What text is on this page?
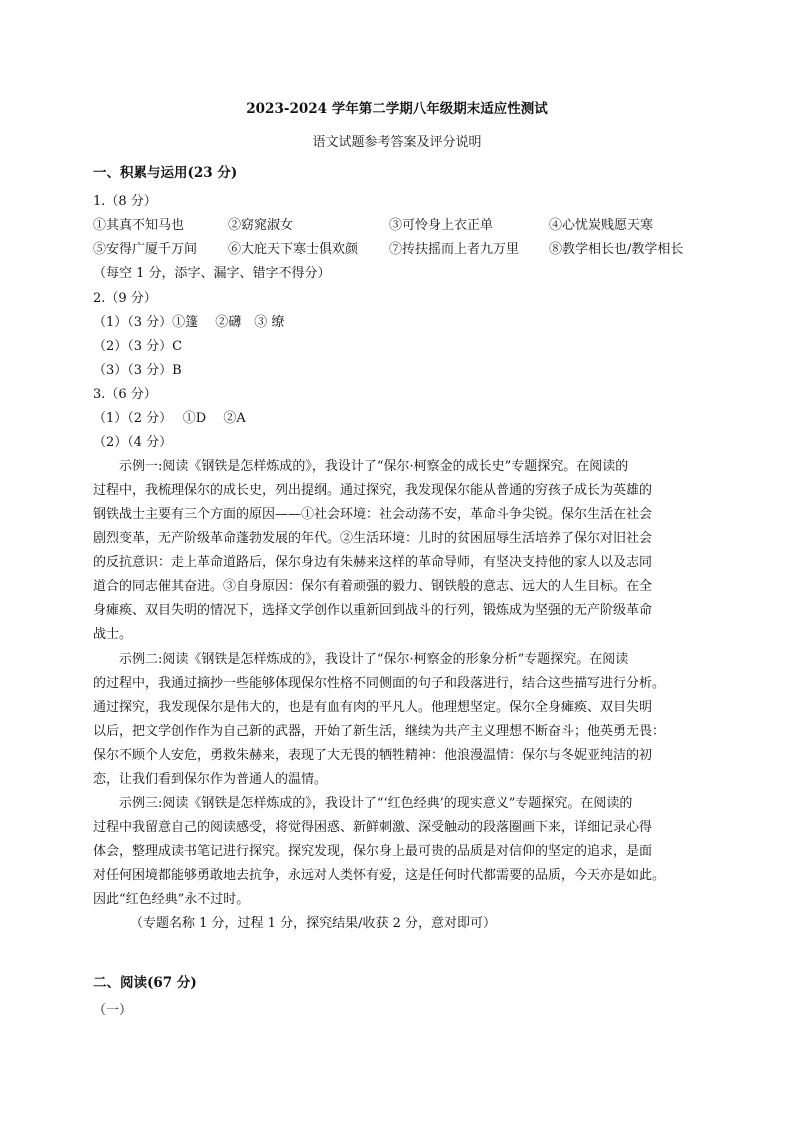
2023-2024 学年第二学期八年级期末适应性测试
语文试题参考答案及评分说明
一、积累与运用(23 分)
1.（8 分）
①其真不知马也	②窈窕淑女	③可怜身上衣正单	④心忧炭贱愿天寒
⑤安得广厦千万间 ⑥大庇天下寒士俱欢颜 ⑦抟扶摇而上者九万里 ⑧教学相长也/教学相长
（每空 1 分，添字、漏字、错字不得分）
2.（9 分）
（1）（3 分）①篷　 ②礴　③ 缭
（2）（3 分）C
（3）（3 分）B
3.（6 分）
（1）（2 分）　 ①D　 ②A
（2）（4 分）
示例一:阅读《钢铁是怎样炼成的》，我设计了“保尔·柯察金的成长史”专题探究。在阅读的
过程中，我梳理保尔的成长史，列出提纲。通过探究，我发现保尔能从普通的穷孩子成长为英雄的
钢铁战士主要有三个方面的原因——①社会环境：社会动荡不安，革命斗争尖锐。保尔生活在社会
剧烈变革，无产阶级革命蓬勃发展的年代。②生活环境：儿时的贫困屈辱生活培养了保尔对旧社会
的反抗意识：走上革命道路后，保尔身边有朱赫来这样的革命导师，有坚决支持他的家人以及志同
道合的同志催其奋进。③自身原因：保尔有着顽强的毅力、钢铁般的意志、远大的人生目标。在全
身瘫痪、双目失明的情况下，选择文学创作以重新回到战斗的行列，锻炼成为坚强的无产阶级革命
战士。
示例二:阅读《钢铁是怎样炼成的》，我设计了“保尔·柯察金的形象分析”专题探究。在阅读
的过程中，我通过摘抄一些能够体现保尔性格不同侧面的句子和段落进行，结合这些描写进行分析。
通过探究，我发现保尔是伟大的，也是有血有肉的平凡人。他理想坚定。保尔全身瘫痪、双目失明
以后，把文学创作作为自己新的武器，开始了新生活，继续为共产主义理想不断奋斗；他英勇无畏：
保尔不顾个人安危，勇救朱赫来，表现了大无畏的牺牲精神：他浪漫温情：保尔与冬妮亚纯洁的初
恋，让我们看到保尔作为普通人的温情。
示例三:阅读《钢铁是怎样炼成的》，我设计了“‘红色经典’的现实意义”专题探究。在阅读的
过程中我留意自己的阅读感受，将觉得困惑、新鲜刺激、深受触动的段落圈画下来，详细记录心得
体会，整理成读书笔记进行探究。探究发现，保尔身上最可贵的品质是对信仰的坚定的追求，是面
对任何困境都能够勇敢地去抗争，永远对人类怀有爱，这是任何时代都需要的品质，今天亦是如此。
因此“红色经典”永不过时。
（专题名称 1 分，过程 1 分，探究结果/收获 2 分，意对即可）
二、阅读(67 分)
（一）
